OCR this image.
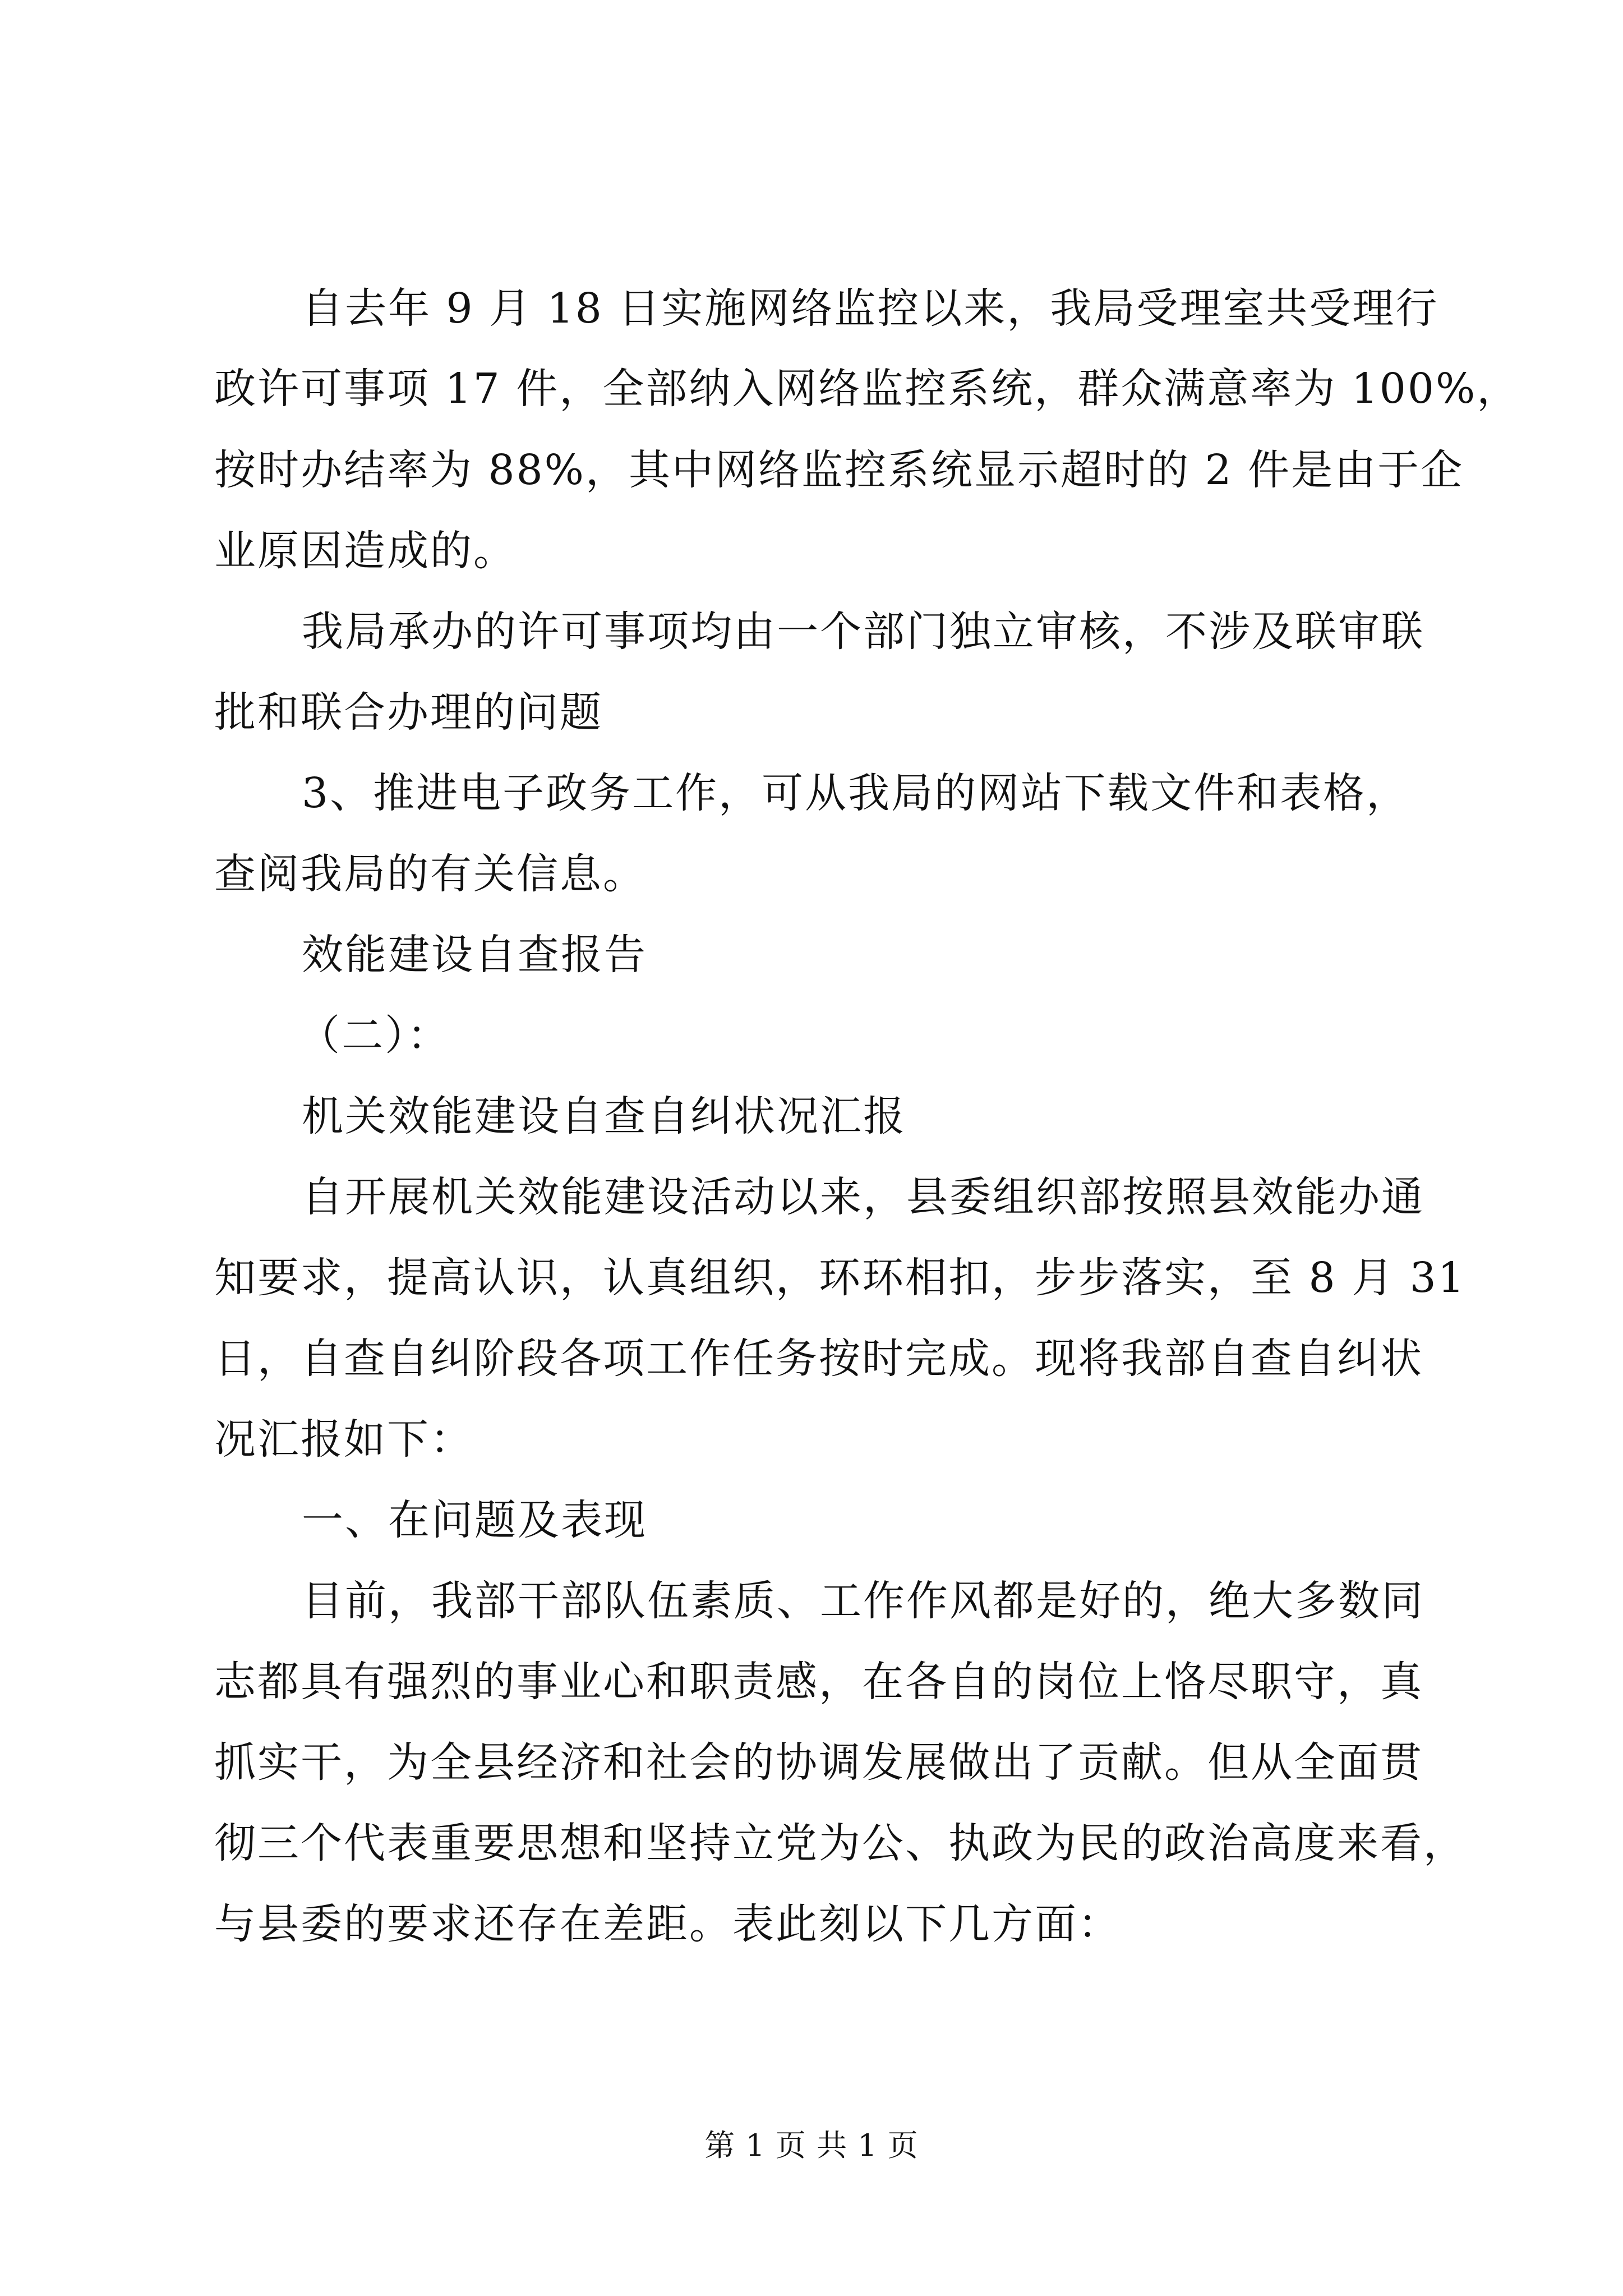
自去年 9 月 18 日实施网络监控以来，我局受理室共受理行
政许可事项 17 件，全部纳入网络监控系统，群众满意率为 100%，
按时办结率为 88%，其中网络监控系统显示超时的 2 件是由于企
业原因造成的。
我局承办的许可事项均由一个部门独立审核，不涉及联审联
批和联合办理的问题
3、推进电子政务工作，可从我局的网站下载文件和表格，
查阅我局的有关信息。
效能建设自查报告
（二）：
机关效能建设自查自纠状况汇报
自开展机关效能建设活动以来，县委组织部按照县效能办通
知要求，提高认识，认真组织，环环相扣，步步落实，至 8 月 31
日，自查自纠阶段各项工作任务按时完成。现将我部自查自纠状
况汇报如下：
一、在问题及表现
目前，我部干部队伍素质、工作作风都是好的，绝大多数同
志都具有强烈的事业心和职责感，在各自的岗位上恪尽职守，真
抓实干，为全县经济和社会的协调发展做出了贡献。但从全面贯
彻三个代表重要思想和坚持立党为公、执政为民的政治高度来看，
与县委的要求还存在差距。表此刻以下几方面：
第 1 页 共 1 页
